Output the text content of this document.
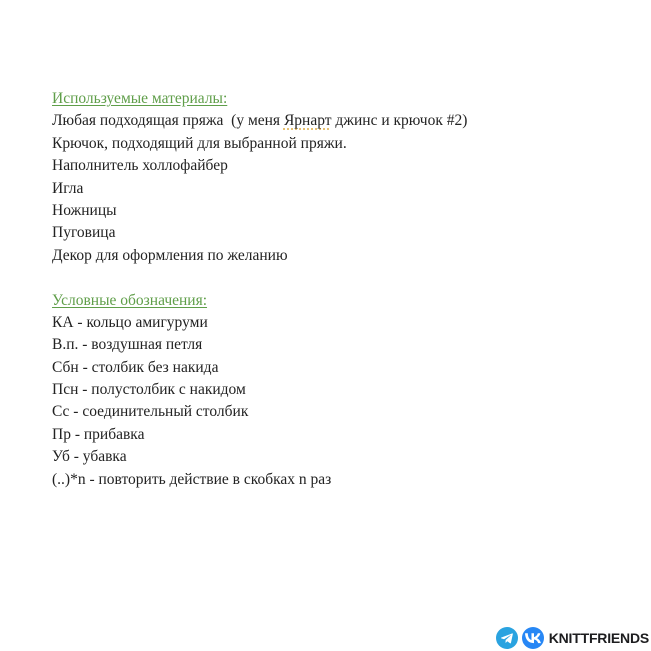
Используемые материалы:
Любая подходящая пряжа  (у меня Ярнарт джинс и крючок #2)
Крючок, подходящий для выбранной пряжи.
Наполнитель холлофайбер
Игла
Ножницы
Пуговица
Декор для оформления по желанию
Условные обозначения:
КА - кольцо амигуруми
В.п. - воздушная петля
Сбн - столбик без накида
Псн - полустолбик с накидом
Сс - соединительный столбик
Пр - прибавка
Уб - убавка
(..)*n - повторить действие в скобках n раз
KNITTFRIENDS
